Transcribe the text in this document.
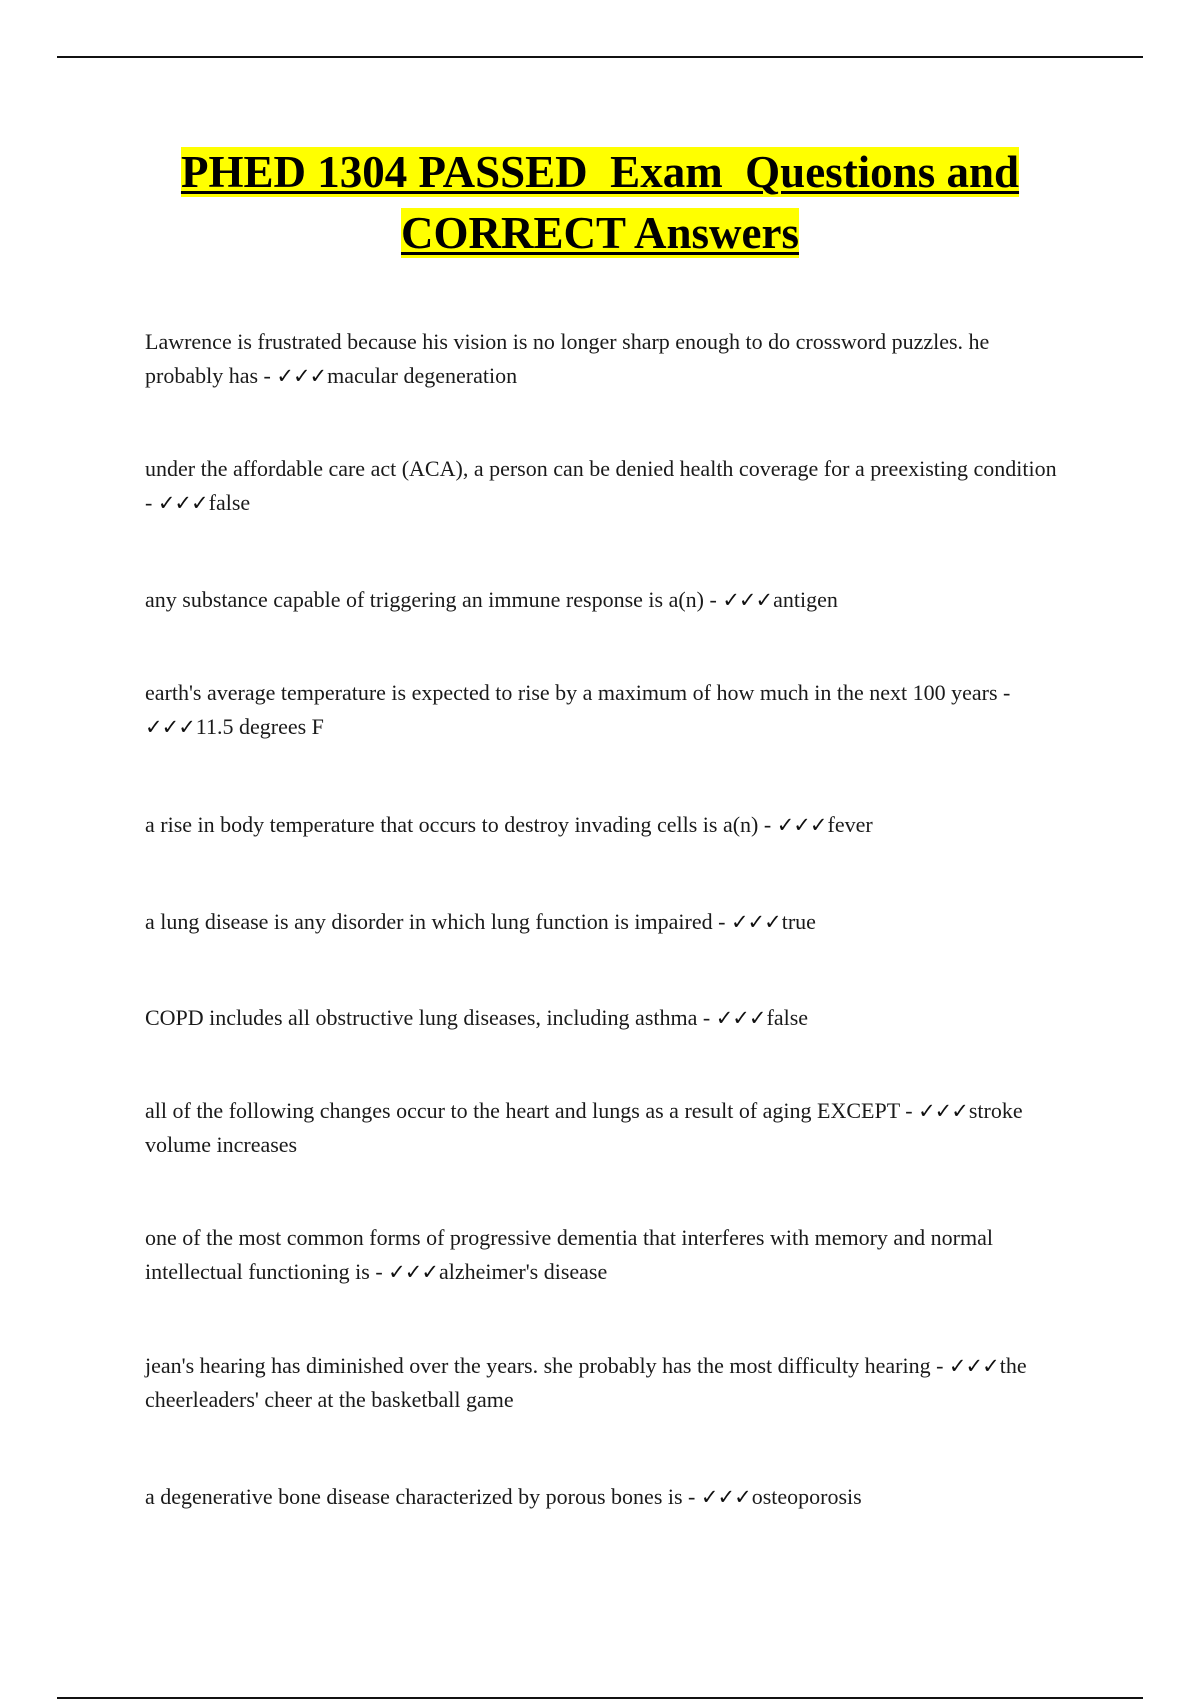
PHED 1304 PASSED  Exam  Questions and
CORRECT Answers

Lawrence is frustrated because his vision is no longer sharp enough to do crossword puzzles. he probably has - ✓✓✓macular degeneration

under the affordable care act (ACA), a person can be denied health coverage for a preexisting condition - ✓✓✓false

any substance capable of triggering an immune response is a(n) - ✓✓✓antigen

earth's average temperature is expected to rise by a maximum of how much in the next 100 years - ✓✓✓11.5 degrees F

a rise in body temperature that occurs to destroy invading cells is a(n) - ✓✓✓fever

a lung disease is any disorder in which lung function is impaired - ✓✓✓true

COPD includes all obstructive lung diseases, including asthma - ✓✓✓false

all of the following changes occur to the heart and lungs as a result of aging EXCEPT - ✓✓✓stroke volume increases

one of the most common forms of progressive dementia that interferes with memory and normal intellectual functioning is - ✓✓✓alzheimer's disease

jean's hearing has diminished over the years. she probably has the most difficulty hearing - ✓✓✓the cheerleaders' cheer at the basketball game

a degenerative bone disease characterized by porous bones is - ✓✓✓osteoporosis
